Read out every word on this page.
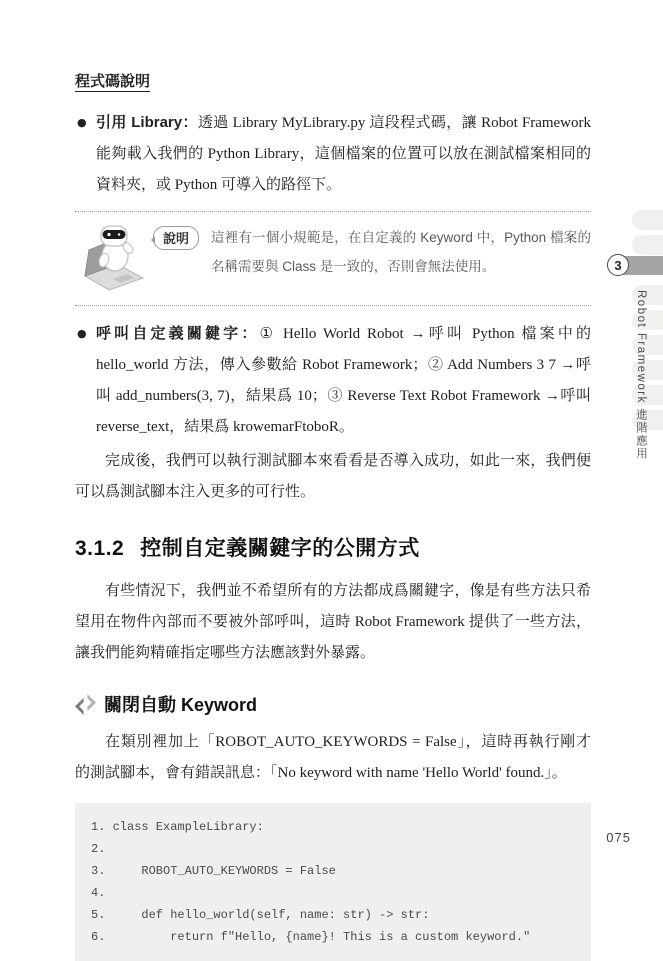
程式碼說明
● 引用 Library：透過 Library MyLibrary.py 這段程式碼，讓 Robot Framework 能夠載入我們的 Python Library，這個檔案的位置可以放在測試檔案相同的資料夾，或 Python 可導入的路徑下。
說明	這裡有一個小規範是，在自定義的 Keyword 中，Python 檔案的名稱需要與 Class 是一致的，否則會無法使用。
● 呼叫自定義關鍵字：① Hello World Robot →呼叫 Python 檔案中的 hello_world 方法，傳入參數給 Robot Framework；② Add Numbers 3 7 →呼叫 add_numbers(3, 7)，結果爲 10；③ Reverse Text Robot Framework →呼叫 reverse_text，結果爲 krowemarFtoboR。

完成後，我們可以執行測試腳本來看看是否導入成功，如此一來，我們便可以爲測試腳本注入更多的可行性。

3.1.2 控制自定義關鍵字的公開方式

有些情況下，我們並不希望所有的方法都成爲關鍵字，像是有些方法只希望用在物件內部而不要被外部呼叫，這時 Robot Framework 提供了一些方法，讓我們能夠精確指定哪些方法應該對外暴露。

關閉自動 Keyword

在類別裡加上「ROBOT_AUTO_KEYWORDS = False」，這時再執行剛才的測試腳本，會有錯誤訊息：「No keyword with name 'Hello World' found.」。

1. class ExampleLibrary:
2.
3.     ROBOT_AUTO_KEYWORDS = False
4.
5.     def hello_world(self, name: str) -> str:
6.         return f"Hello, {name}! This is a custom keyword."
3
Robot Framework 進階應用
075
